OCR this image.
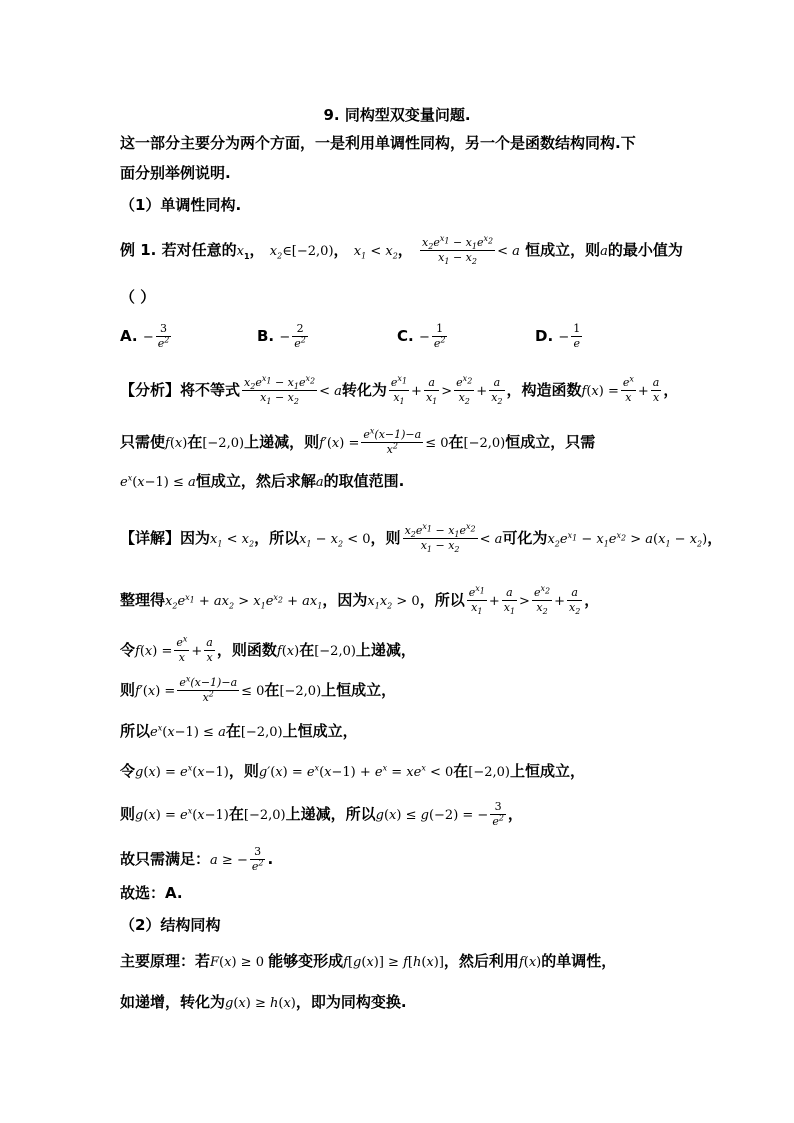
9. 同构型双变量问题.
这一部分主要分为两个方面，一是利用单调性同构，另一个是函数结构同构.下
面分别举例说明.
（1）单调性同构.
例 1. 若对任意的$x_1$， $x_2\in[-2,0)$， $x_1 < x_2$， $\frac{x_2e^{x_1} - x_1e^{x_2}}{x_1 - x_2} < a$ 恒成立，则a的最小值为
（ ）
A. − $\frac{3}{e^2}$	B. − $\frac{2}{e^2}$	C. − $\frac{1}{e^2}$	D. − $\frac{1}{e}$
【分析】将不等式 $\frac{x_2e^{x_1} - x_1e^{x_2}}{x_1 - x_2} < a$转化为 $\frac{e^{x_1}}{x_1} + \frac{a}{x_1} > \frac{e^{x_2}}{x_2} + \frac{a}{x_2}$ ，构造函数$f(x) = \frac{e^x}{x} + \frac{a}{x}$ ，
只需使f(x)在[−2,0)上递减，则$f'(x) = \frac{e^x(x-1)-a}{x^2} \le 0$在[−2,0)恒成立，只需
$e^x(x-1) \le a$恒成立，然后求解a的取值范围.
【详解】因为$x_1 < x_2$，所以$x_1 - x_2 < 0$，则 $\frac{x_2e^{x_1} - x_1e^{x_2}}{x_1 - x_2} < a$可化为$x_2e^{x_1} - x_1e^{x_2} > a(x_1 - x_2)$，
整理得$x_2e^{x_1} + ax_2 > x_1e^{x_2} + ax_1$，因为$x_1x_2 > 0$，所以 $\frac{e^{x_1}}{x_1} + \frac{a}{x_1} > \frac{e^{x_2}}{x_2} + \frac{a}{x_2}$ ，
令$f(x) = \frac{e^x}{x} + \frac{a}{x}$ ，则函数f(x)在[−2,0)上递减，
则$f'(x) = \frac{e^x(x-1)-a}{x^2} \le 0$在[−2,0)上恒成立，
所以$e^x(x-1) \le a$在[−2,0)上恒成立，
令$g(x) = e^x(x-1)$，则$g'(x) = e^x(x-1) + e^x = xe^x < 0$在[−2,0)上恒成立，
则$g(x) = e^x(x-1)$在[−2,0)上递减，所以g(x) ≤ g(−2) = − $\frac{3}{e^2}$ ，
故只需满足：a ≥ − $\frac{3}{e^2}$ .
故选：A.
（2）结构同构
主要原理：若F(x) ≥ 0 能够变形成f[g(x)] ≥ f[h(x)]，然后利用f(x)的单调性，
如递增，转化为g(x) ≥ h(x)，即为同构变换.
